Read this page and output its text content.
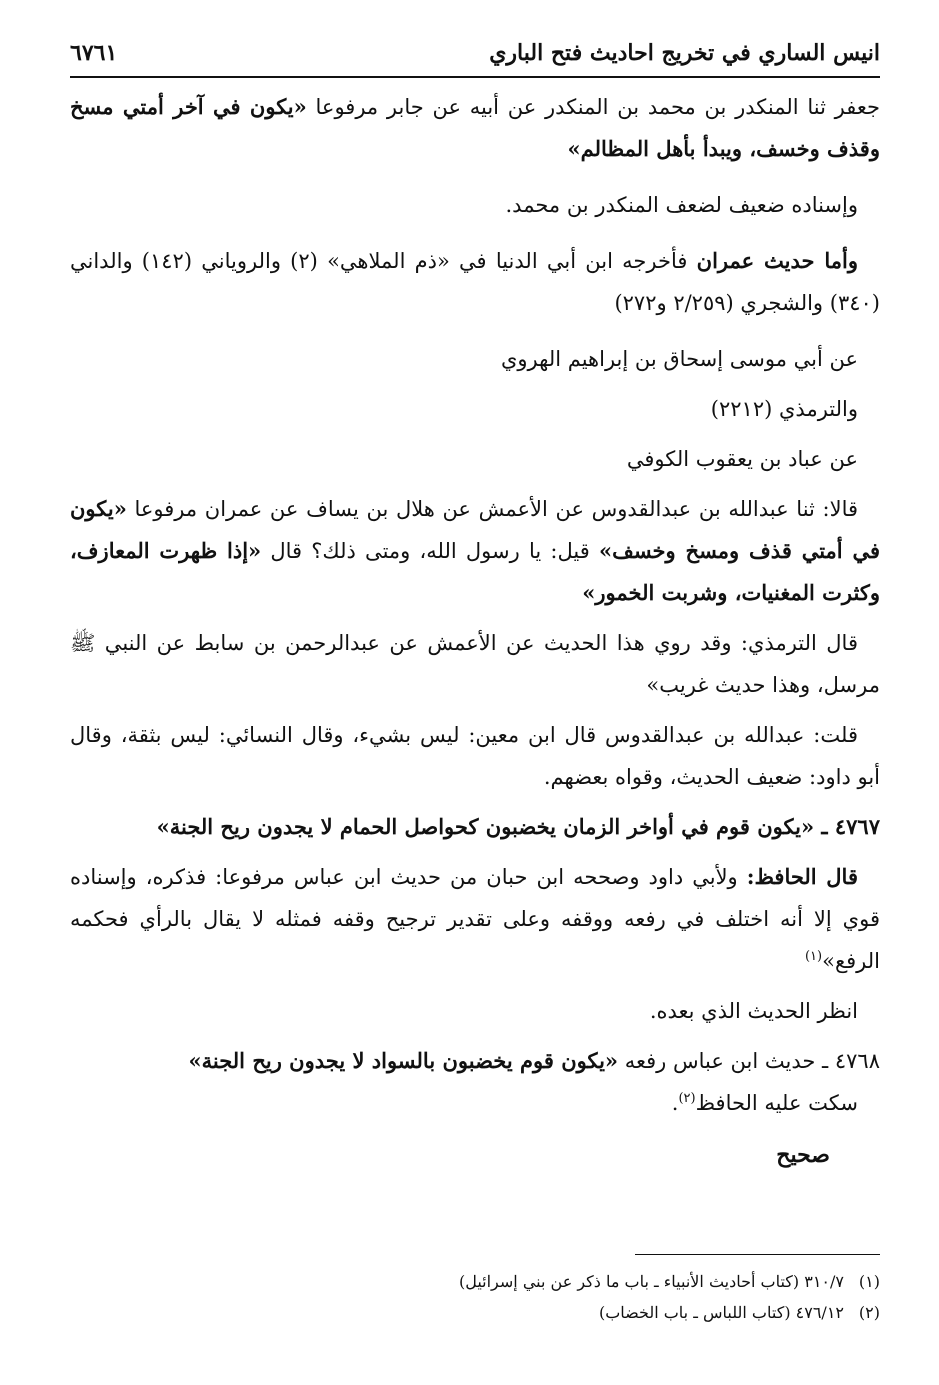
انيس الساري في تخريج احاديث فتح الباري
٦٧٦١

جعفر ثنا المنكدر بن محمد بن المنكدر عن أبيه عن جابر مرفوعا «يكون في آخر أمتي مسخ وقذف وخسف، ويبدأ بأهل المظالم»

وإسناده ضعيف لضعف المنكدر بن محمد.

وأما حديث عمران فأخرجه ابن أبي الدنيا في «ذم الملاهي» (٢) والروياني (١٤٢) والداني (٣٤٠) والشجري (٢/٢٥٩ و٢٧٢)

عن أبي موسى إسحاق بن إبراهيم الهروي

والترمذي (٢٢١٢)

عن عباد بن يعقوب الكوفي

قالا: ثنا عبدالله بن عبدالقدوس عن الأعمش عن هلال بن يساف عن عمران مرفوعا «يكون في أمتي قذف ومسخ وخسف» قيل: يا رسول الله، ومتى ذلك؟ قال «إذا ظهرت المعازف، وكثرت المغنيات، وشربت الخمور»

قال الترمذي: وقد روي هذا الحديث عن الأعمش عن عبدالرحمن بن سابط عن النبي ﷺ مرسل، وهذا حديث غريب»

قلت: عبدالله بن عبدالقدوس قال ابن معين: ليس بشيء، وقال النسائي: ليس بثقة، وقال أبو داود: ضعيف الحديث، وقواه بعضهم.

٤٧٦٧ ـ «يكون قوم في أواخر الزمان يخضبون كحواصل الحمام لا يجدون ريح الجنة»

قال الحافظ: ولأبي داود وصححه ابن حبان من حديث ابن عباس مرفوعا: فذكره، وإسناده قوي إلا أنه اختلف في رفعه ووقفه وعلى تقدير ترجيح وقفه فمثله لا يقال بالرأي فحكمه الرفع»$^{(١)}$

انظر الحديث الذي بعده.

٤٧٦٨ ـ حديث ابن عباس رفعه «يكون قوم يخضبون بالسواد لا يجدون ريح الجنة»

سكت عليه الحافظ$^{(٢)}$.

صحيح

(١)٣١٠/٧ (كتاب أحاديث الأنبياء ـ باب ما ذكر عن بني إسرائيل)

(٢)٤٧٦/١٢ (كتاب اللباس ـ باب الخضاب)
